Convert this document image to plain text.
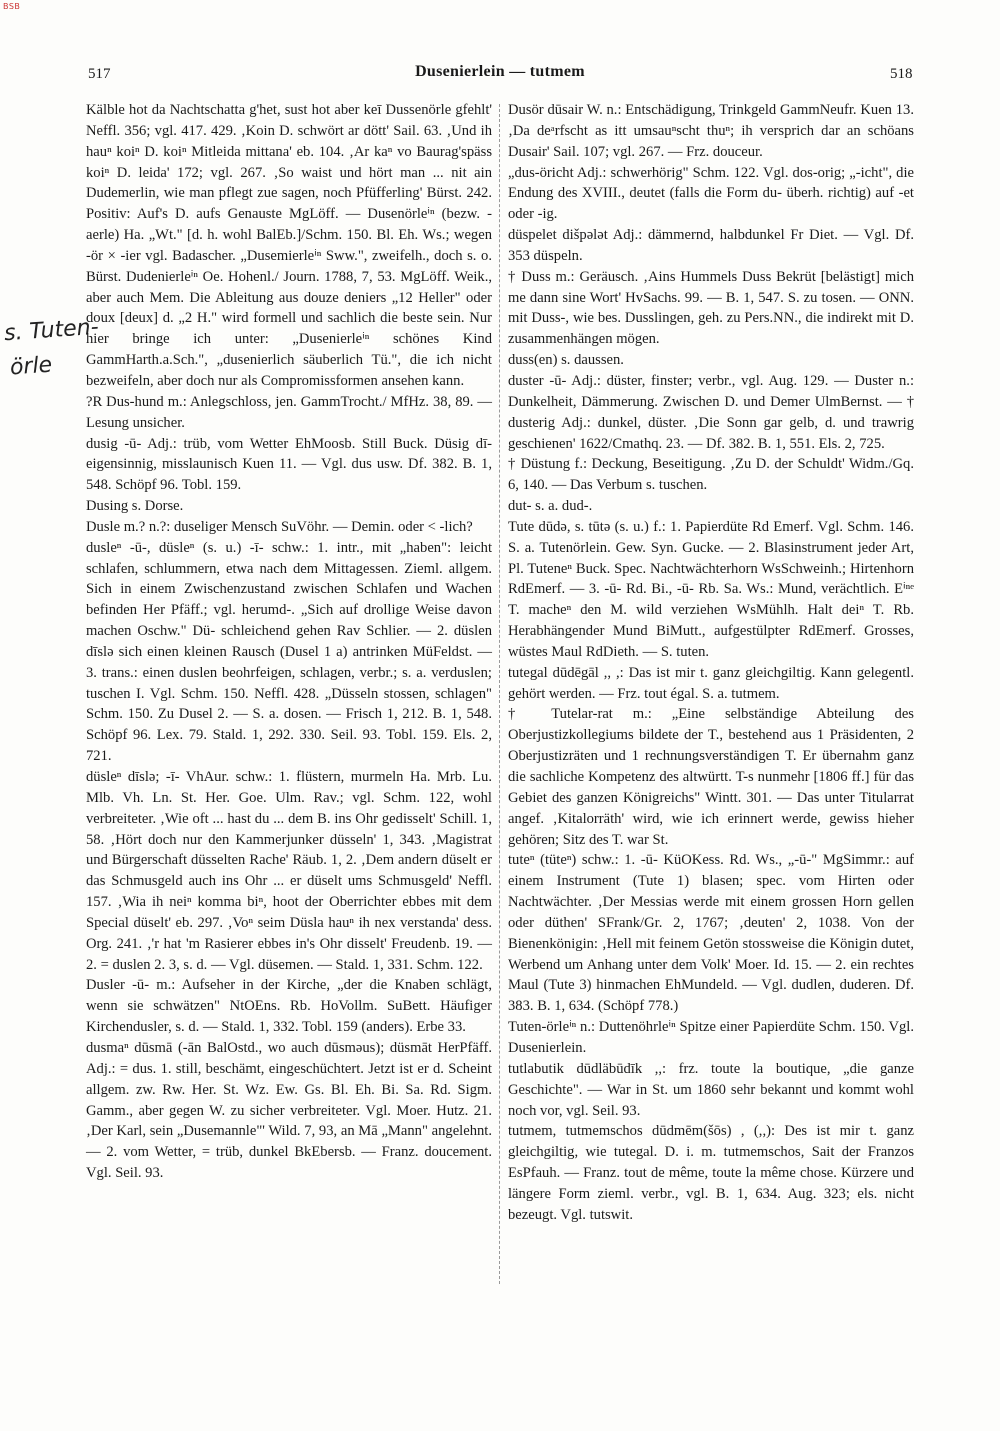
BSB
517	Dusenierlein — tutmem	518
s. Tuten-
örle

Kälble hot da Nachtschatta g'het, sust hot aber keī Dussenörle gfehlt' Neffl. 356; vgl. 417. 429. ‚Koin D. schwört ar dött' Sail. 63. ‚Und ih hauⁿ koiⁿ D. koiⁿ Mitleida mittana' eb. 104. ‚Ar kaⁿ vo Baurag'späss koiⁿ D. leida' 172; vgl. 267. ‚So waist und hört man ... nit ain Dudemerlin, wie man pflegt zue sagen, noch Pfüfferling' Bürst. 242. Positiv: Auf's D. aufs Genauste MgLöff. — Dusenörleⁱⁿ (bezw. -aerle) Ha. „Wt." [d. h. wohl BalEb.]/Schm. 150. Bl. Eh. Ws.; wegen -ör × -ier vgl. Badascher. „Dusemierleⁱⁿ Sww.", zweifelh., doch s. o. Bürst. Dudenierleⁱⁿ Oe. Hohenl./ Journ. 1788, 7, 53. MgLöff. Weik., aber auch Mem. Die Ableitung aus douze deniers „12 Heller" oder doux [deux] d. „2 H." wird formell und sachlich die beste sein. Nur hier bringe ich unter: „Dusenierleⁱⁿ schönes Kind GammHarth.a.Sch.", „dusenierlich säuberlich Tü.", die ich nicht bezweifeln, aber doch nur als Compromissformen ansehen kann.

?R Dus-hund m.: Anlegschloss, jen. GammTrocht./ MfHz. 38, 89. — Lesung unsicher.

dusig -ū- Adj.: trüb, vom Wetter EhMoosb. Still Buck. Düsig dī- eigensinnig, misslaunisch Kuen 11. — Vgl. dus usw. Df. 382. B. 1, 548. Schöpf 96. Tobl. 159.

Dusing s. Dorse.

Dusle m.? n.?: duseliger Mensch SuVöhr. — Demin. oder < -lich?

dusleⁿ -ū-, düsleⁿ (s. u.) -ī- schw.: 1. intr., mit „haben": leicht schlafen, schlummern, etwa nach dem Mittagessen. Zieml. allgem. Sich in einem Zwischenzustand zwischen Schlafen und Wachen befinden Her Pfäff.; vgl. herumd-. „Sich auf drollige Weise davon machen Oschw." Dü- schleichend gehen Rav Schlier. — 2. düslen dīslə sich einen kleinen Rausch (Dusel 1 a) antrinken MüFeldst. — 3. trans.: einen duslen beohrfeigen, schlagen, verbr.; s. a. verduslen; tuschen I. Vgl. Schm. 150. Neffl. 428. „Düsseln stossen, schlagen" Schm. 150. Zu Dusel 2. — S. a. dosen. — Frisch 1, 212. B. 1, 548. Schöpf 96. Lex. 79. Stald. 1, 292. 330. Seil. 93. Tobl. 159. Els. 2, 721.

düsleⁿ dīslə; -ī- VhAur. schw.: 1. flüstern, murmeln Ha. Mrb. Lu. Mlb. Vh. Ln. St. Her. Goe. Ulm. Rav.; vgl. Schm. 122, wohl verbreiteter. ‚Wie oft ... hast du ... dem B. ins Ohr gedisselt' Schill. 1, 58. ‚Hört doch nur den Kammerjunker düsseln' 1, 343. ‚Magistrat und Bürgerschaft düsselten Rache' Räub. 1, 2. ‚Dem andern düselt er das Schmusgeld auch ins Ohr ... er düselt ums Schmusgeld' Neffl. 157. ‚Wia ih neiⁿ komma biⁿ, hoot der Oberrichter ebbes mit dem Special düselt' eb. 297. ‚Voⁿ seim Düsla hauⁿ ih nex verstanda' dess. Org. 241. ‚'r hat 'm Rasierer ebbes in's Ohr disselt' Freudenb. 19. — 2. = duslen 2. 3, s. d. — Vgl. düsemen. — Stald. 1, 331. Schm. 122.

Dusler -ū- m.: Aufseher in der Kirche, „der die Knaben schlägt, wenn sie schwätzen" NtOEns. Rb. HoVollm. SuBett. Häufiger Kirchendusler, s. d. — Stald. 1, 332. Tobl. 159 (anders). Erbe 33.

dusmaⁿ dūsmā (-ān BalOstd., wo auch dūsməus); düsmāt HerPfäff. Adj.: = dus. 1. still, beschämt, eingeschüchtert. Jetzt ist er d. Scheint allgem. zw. Rw. Her. St. Wz. Ew. Gs. Bl. Eh. Bi. Sa. Rd. Sigm. Gamm., aber gegen W. zu sicher verbreiteter. Vgl. Moer. Hutz. 21. ‚Der Karl, sein „Dusemannle"' Wild. 7, 93, an Mā „Mann" angelehnt. — 2. vom Wetter, = trüb, dunkel BkEbersb. — Franz. doucement. Vgl. Seil. 93.

Dusör dūsair W. n.: Entschädigung, Trinkgeld GammNeufr. Kuen 13. ‚Da deᵃrfscht as itt umsauⁿscht thuⁿ; ih versprich dar an schöans Dusair' Sail. 107; vgl. 267. — Frz. douceur.

„dus-öricht Adj.: schwerhörig" Schm. 122. Vgl. dos-orig; „-icht", die Endung des XVIII., deutet (falls die Form du- überh. richtig) auf -et oder -ig.

düspelet dišpələt Adj.: dämmernd, halbdunkel Fr Diet. — Vgl. Df. 353 düspeln.

† Duss m.: Geräusch. ‚Ains Hummels Duss Bekrüt [belästigt] mich me dann sine Wort' HvSachs. 99. — B. 1, 547. S. zu tosen. — ONN. mit Duss-, wie bes. Dusslingen, geh. zu Pers.NN., die indirekt mit D. zusammenhängen mögen.

duss(en) s. daussen.

duster -ū- Adj.: düster, finster; verbr., vgl. Aug. 129. — Duster n.: Dunkelheit, Dämmerung. Zwischen D. und Demer UlmBernst. — † dusterig Adj.: dunkel, düster. ‚Die Sonn gar gelb, d. und trawrig geschienen' 1622/Cmathq. 23. — Df. 382. B. 1, 551. Els. 2, 725.

† Düstung f.: Deckung, Beseitigung. ‚Zu D. der Schuldt' Widm./Gq. 6, 140. — Das Verbum s. tuschen.

dut- s. a. dud-.

Tute dūdə, s. tūtə (s. u.) f.: 1. Papierdüte Rd Emerf. Vgl. Schm. 146. S. a. Tutenörlein. Gew. Syn. Gucke. — 2. Blasinstrument jeder Art, Pl. Tuteneⁿ Buck. Spec. Nachtwächterhorn WsSchweinh.; Hirtenhorn RdEmerf. — 3. -ū- Rd. Bi., -ū- Rb. Sa. Ws.: Mund, verächtlich. Eⁱⁿᵉ T. macheⁿ den M. wild verziehen WsMühlh. Halt deiⁿ T. Rb. Herabhängender Mund BiMutt., aufgestülpter RdEmerf. Grosses, wüstes Maul RdDieth. — S. tuten.

tutegal dūdēgāl ,, ,: Das ist mir t. ganz gleichgiltig. Kann gelegentl. gehört werden. — Frz. tout égal. S. a. tutmem.

† Tutelar-rat m.: „Eine selbständige Abteilung des Oberjustizkollegiums bildete der T., bestehend aus 1 Präsidenten, 2 Oberjustizräten und 1 rechnungsverständigen T. Er übernahm ganz die sachliche Kompetenz des altwürtt. T-s nunmehr [1806 ff.] für das Gebiet des ganzen Königreichs" Wintt. 301. — Das unter Titularrat angef. ‚Kitalorräth' wird, wie ich erinnert werde, gewiss hieher gehören; Sitz des T. war St.

tuteⁿ (tüteⁿ) schw.: 1. -ū- KüOKess. Rd. Ws., „-ū-" MgSimmr.: auf einem Instrument (Tute 1) blasen; spec. vom Hirten oder Nachtwächter. ‚Der Messias werde mit einem grossen Horn gellen oder düthen' SFrank/Gr. 2, 1767; ‚deuten' 2, 1038. Von der Bienenkönigin: ‚Hell mit feinem Getön stossweise die Königin dutet, Werbend um Anhang unter dem Volk' Moer. Id. 15. — 2. ein rechtes Maul (Tute 3) hinmachen EhMundeld. — Vgl. dudlen, duderen. Df. 383. B. 1, 634. (Schöpf 778.)

Tuten-örleⁱⁿ n.: Duttenöhrleⁱⁿ Spitze einer Papierdüte Schm. 150. Vgl. Dusenierlein.

tutlabutik dūdläbūdīk ,,: frz. toute la boutique, „die ganze Geschichte". — War in St. um 1860 sehr bekannt und kommt wohl noch vor, vgl. Seil. 93.

tutmem, tutmemschos dūdmēm(šōs) , (,,): Des ist mir t. ganz gleichgiltig, wie tutegal. D. i. m. tutmemschos, Sait der Franzos EsPfauh. — Franz. tout de même, toute la même chose. Kürzere und längere Form zieml. verbr., vgl. B. 1, 634. Aug. 323; els. nicht bezeugt. Vgl. tutswit.
